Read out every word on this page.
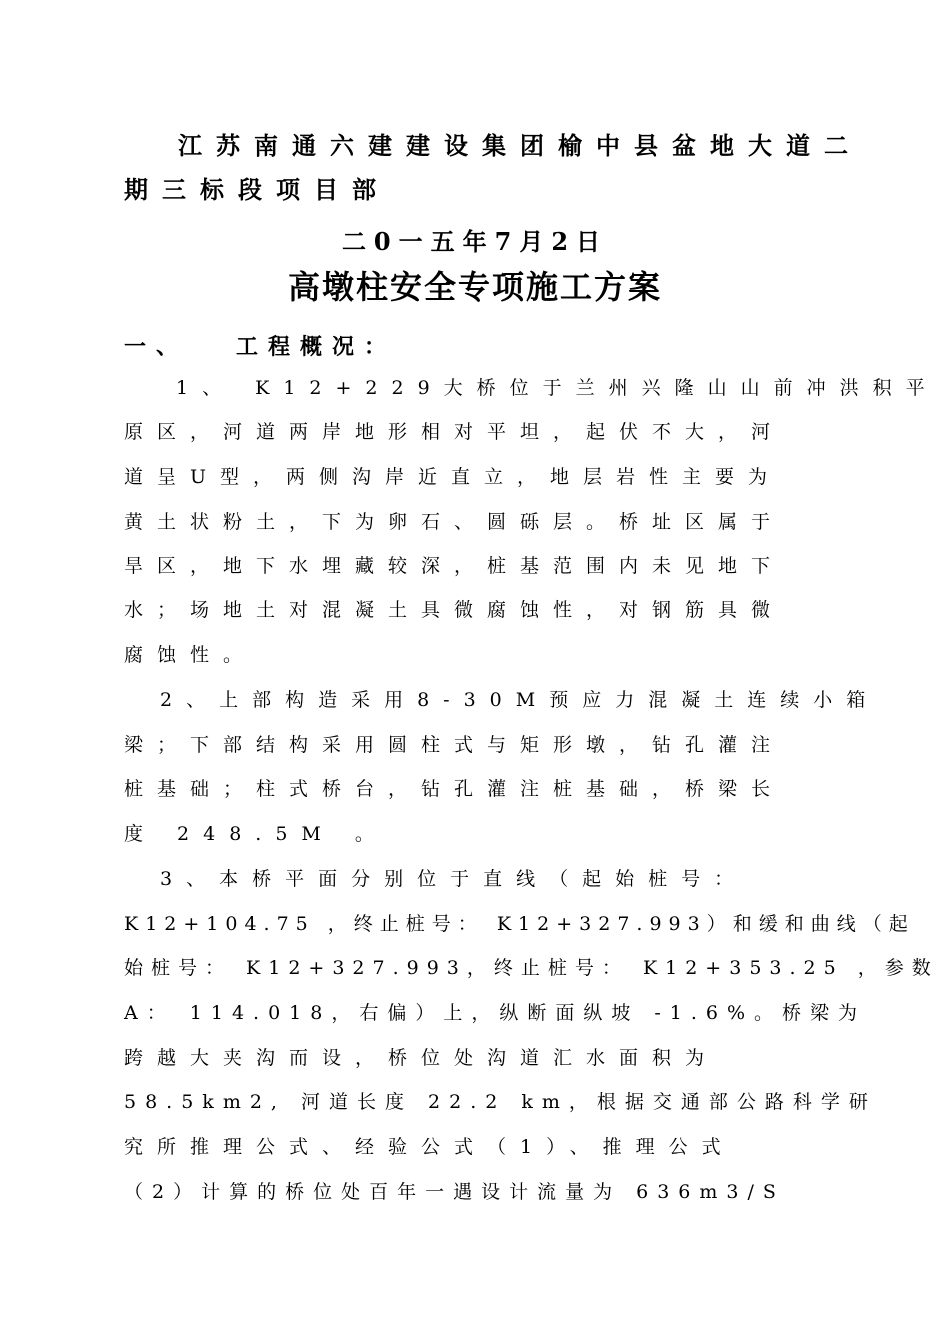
江苏南通六建建设集团榆中县盆地大道二
期三标段项目部
二0一五年7月2日
高墩柱安全专项施工方案
一、 工程概况：
1、 K12+229大桥位于兰州兴隆山山前冲洪积平
原区，河道两岸地形相对平坦，起伏不大，河
道呈U型，两侧沟岸近直立，地层岩性主要为
黄土状粉土，下为卵石、圆砾层。桥址区属于
旱区，地下水埋藏较深，桩基范围内未见地下
水；场地土对混凝土具微腐蚀性，对钢筋具微
腐蚀性。
2、上部构造采用8-30M预应力混凝土连续小箱
梁；下部结构采用圆柱式与矩形墩，钻孔灌注
桩基础；柱式桥台，钻孔灌注桩基础，桥梁长
度 248.5M 。
3、本桥平面分别位于直线（起始桩号：
K12+104.75 ，终止桩号： K12+327.993）和缓和曲线（起
始桩号： K12+327.993，终止桩号： K12+353.25 ，参数
A： 114.018，右偏）上，纵断面纵坡 -1.6%。桥梁为
跨越大夹沟而设，桥位处沟道汇水面积为
58.5km2, 河道长度 22.2 km，根据交通部公路科学研
究所推理公式、经验公式（1）、推理公式
（2）计算的桥位处百年一遇设计流量为 636m3/S
